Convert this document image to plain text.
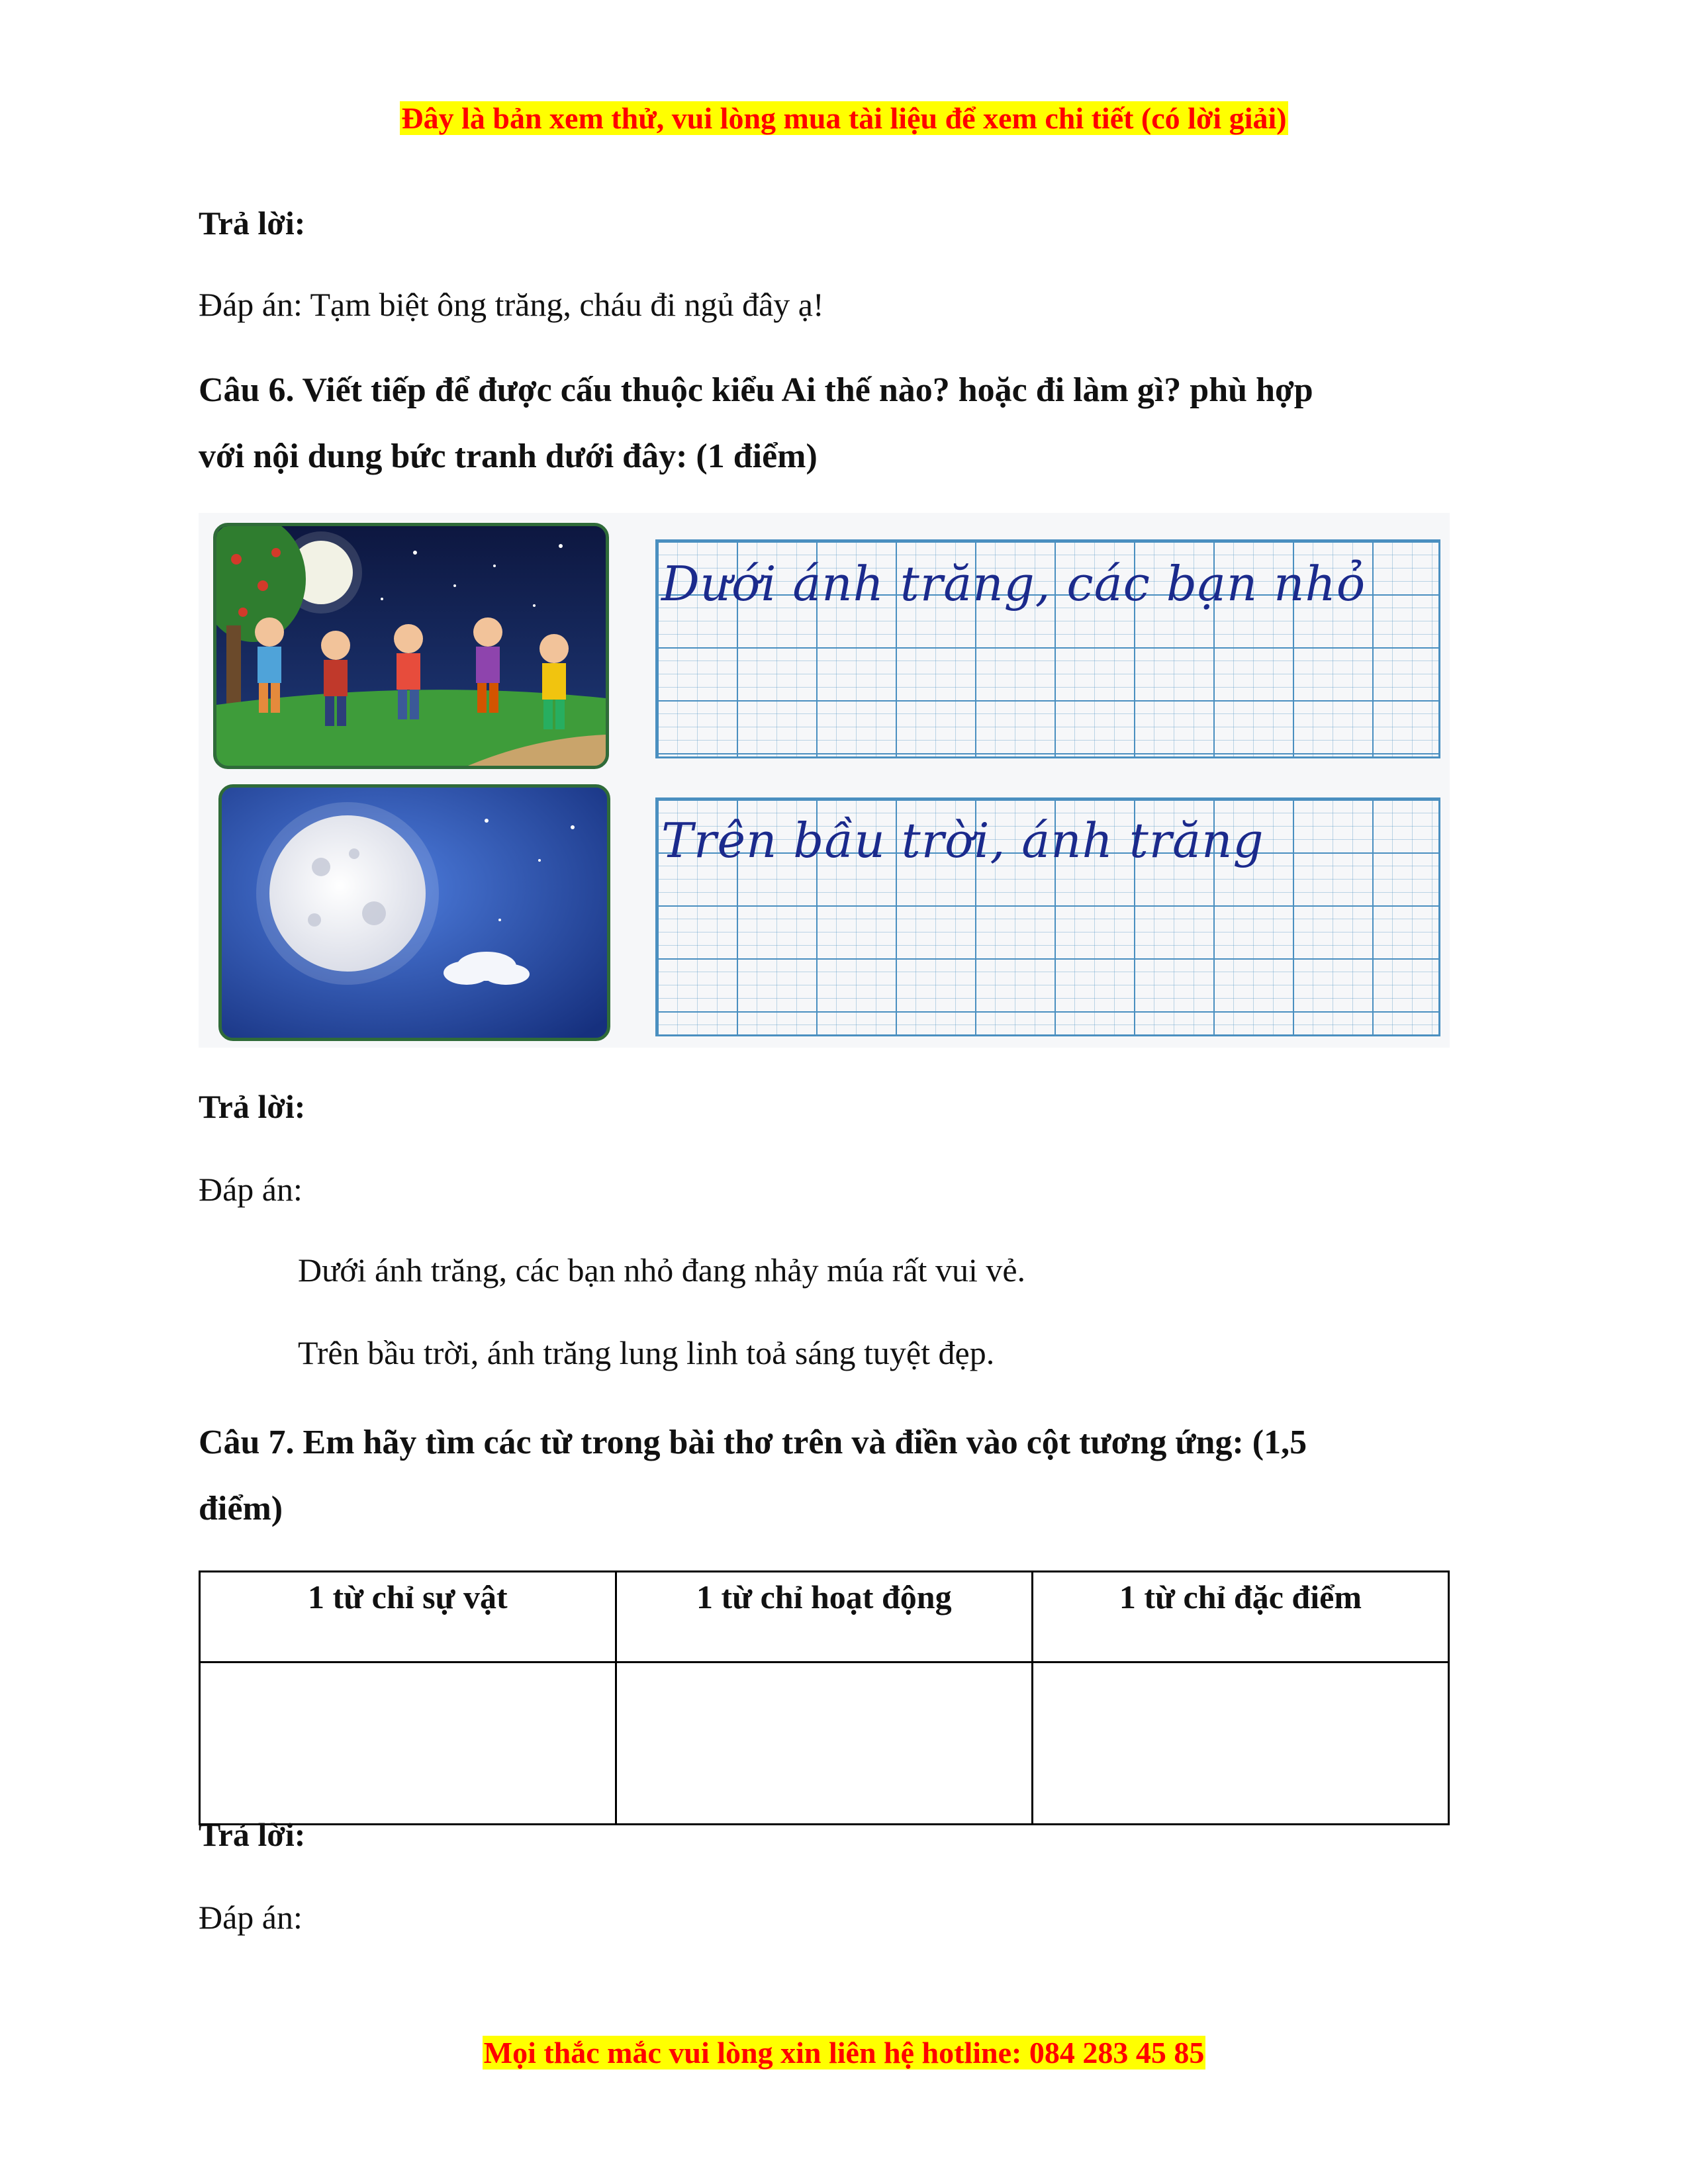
Đây là bản xem thử, vui lòng mua tài liệu để xem chi tiết (có lời giải)
Trả lời:
Đáp án: Tạm biệt ông trăng, cháu đi ngủ đây ạ!
Câu 6. Viết tiếp để được cấu thuộc kiểu Ai thế nào? hoặc đi làm gì? phù hợp
với nội dung bức tranh dưới đây: (1 điểm)
Dưới ánh trăng, các bạn nhỏ
Trên bầu trời, ánh trăng
Trả lời:
Đáp án:
Dưới ánh trăng, các bạn nhỏ đang nhảy múa rất vui vẻ.
Trên bầu trời, ánh trăng lung linh toả sáng tuyệt đẹp.
Câu 7. Em hãy tìm các từ trong bài thơ trên và điền vào cột tương ứng: (1,5
điểm)
1 từ chỉ sự vật	1 từ chỉ hoạt động	1 từ chỉ đặc điểm

Trả lời:
Đáp án:
Mọi thắc mắc vui lòng xin liên hệ hotline: 084 283 45 85
